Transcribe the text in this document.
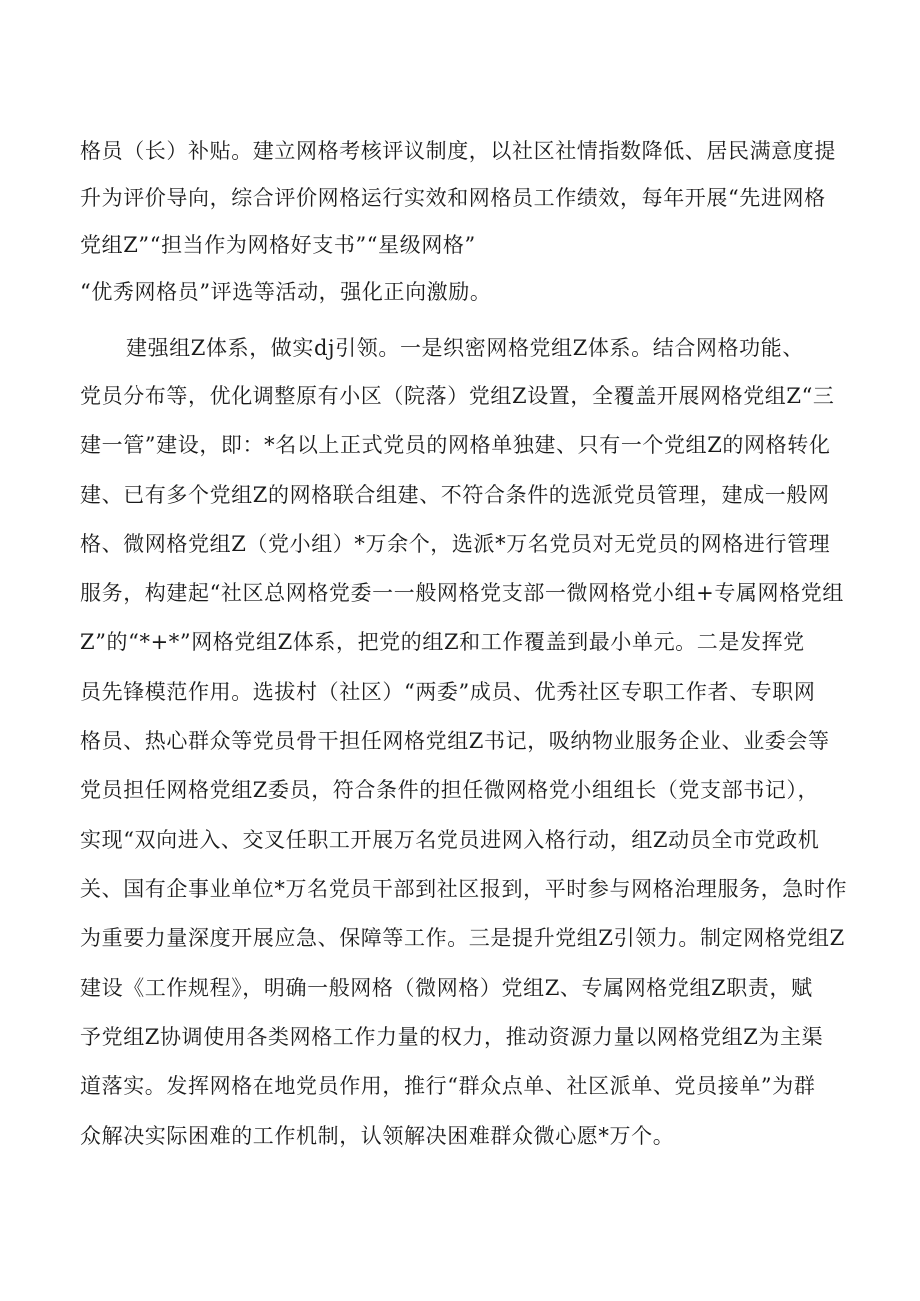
格员（长）补贴。建立网格考核评议制度，以社区社情指数降低、居民满意度提
升为评价导向，综合评价网格运行实效和网格员工作绩效，每年开展“先进网格
党组Z”“担当作为网格好支书”“星级网格”
“优秀网格员”评选等活动，强化正向激励。
建强组Z体系，做实dj引领。一是织密网格党组Z体系。结合网格功能、
党员分布等，优化调整原有小区（院落）党组Z设置，全覆盖开展网格党组Z“三
建一管”建设，即：*名以上正式党员的网格单独建、只有一个党组Z的网格转化
建、已有多个党组Z的网格联合组建、不符合条件的选派党员管理，建成一般网
格、微网格党组Z（党小组）*万余个，选派*万名党员对无党员的网格进行管理
服务，构建起“社区总网格党委一一般网格党支部一微网格党小组+专属网格党组
Z”的“*+*”网格党组Z体系，把党的组Z和工作覆盖到最小单元。二是发挥党
员先锋模范作用。选拔村（社区）“两委”成员、优秀社区专职工作者、专职网
格员、热心群众等党员骨干担任网格党组Z书记，吸纳物业服务企业、业委会等
党员担任网格党组Z委员，符合条件的担任微网格党小组组长（党支部书记），
实现“双向进入、交叉任职工开展万名党员进网入格行动，组Z动员全市党政机
关、国有企事业单位*万名党员干部到社区报到，平时参与网格治理服务，急时作
为重要力量深度开展应急、保障等工作。三是提升党组Z引领力。制定网格党组Z
建设《工作规程》，明确一般网格（微网格）党组Z、专属网格党组Z职责，赋
予党组Z协调使用各类网格工作力量的权力，推动资源力量以网格党组Z为主渠
道落实。发挥网格在地党员作用，推行“群众点单、社区派单、党员接单”为群
众解决实际困难的工作机制，认领解决困难群众微心愿*万个。
